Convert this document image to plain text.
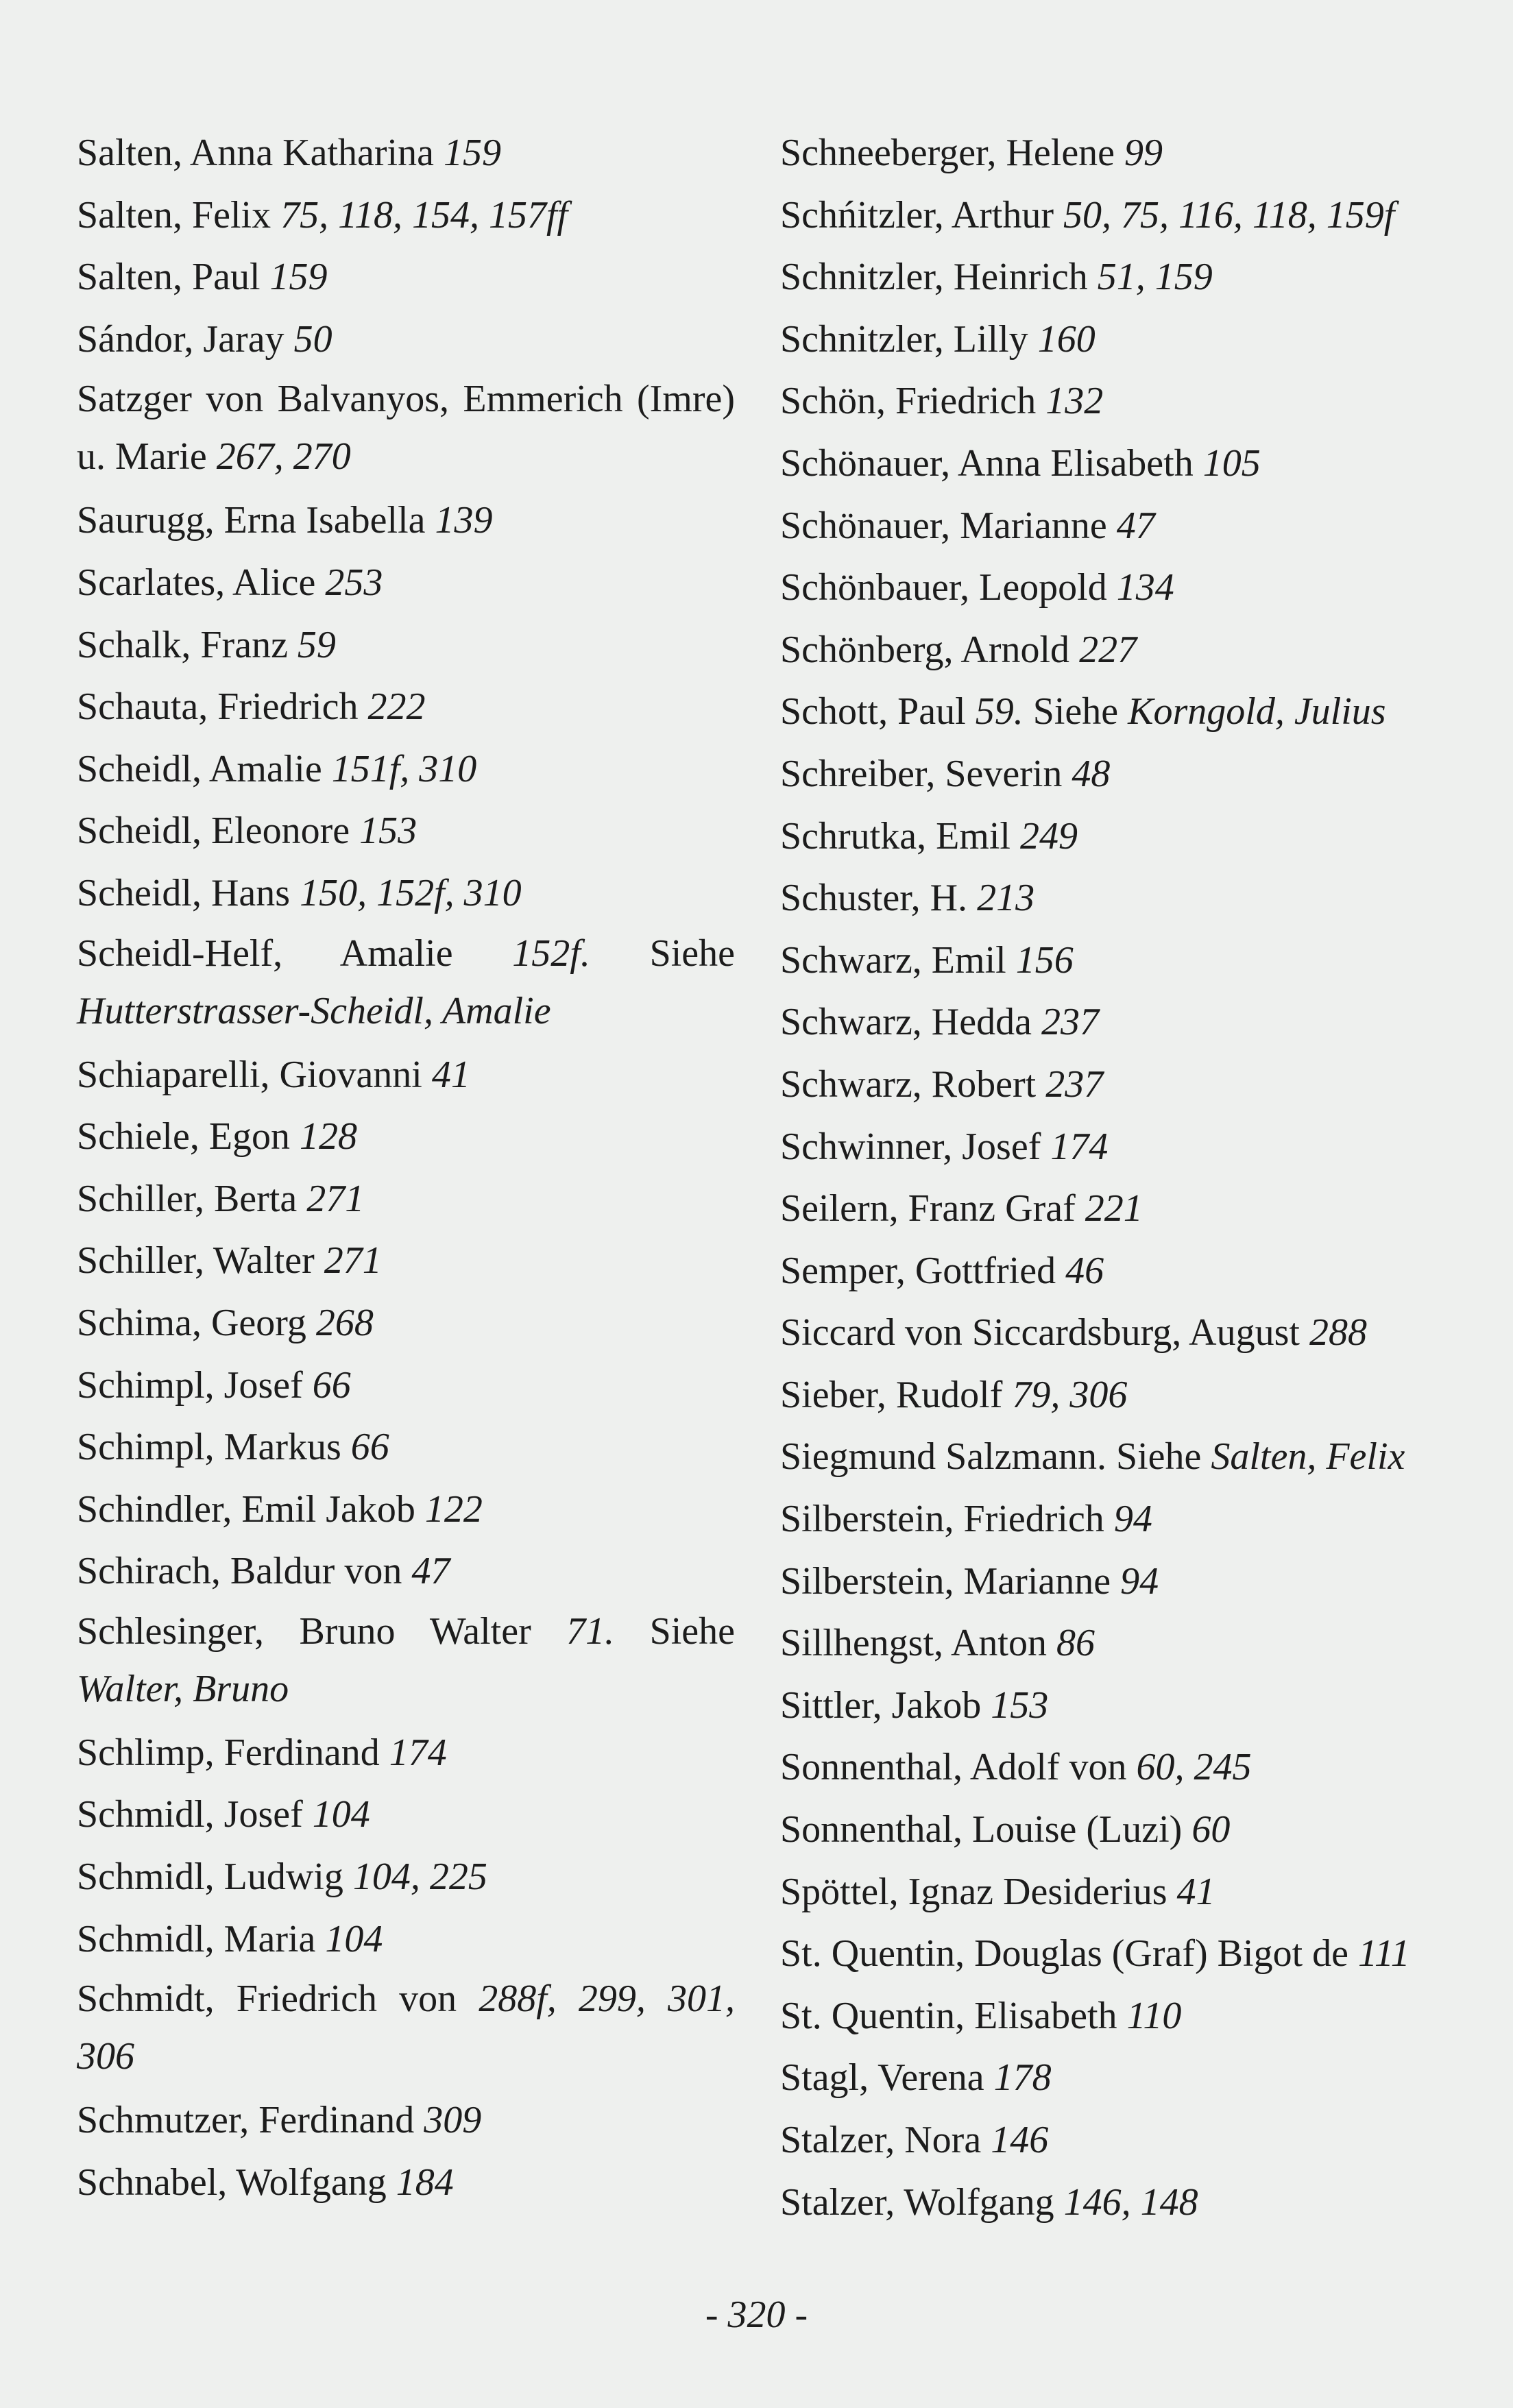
Salten, Anna Katharina 159

Salten, Felix 75, 118, 154, 157ff

Salten, Paul 159

Sándor, Jaray 50

Satzger von Balvanyos, Emmerich (Imre) u. Marie 267, 270

Saurugg, Erna Isabella 139

Scarlates, Alice 253

Schalk, Franz 59

Schauta, Friedrich 222

Scheidl, Amalie 151f, 310

Scheidl, Eleonore 153

Scheidl, Hans 150, 152f, 310

Scheidl-Helf, Amalie 152f. Siehe Hutterstrasser-Scheidl, Amalie

Schiaparelli, Giovanni 41

Schiele, Egon 128

Schiller, Berta 271

Schiller, Walter 271

Schima, Georg 268

Schimpl, Josef 66

Schimpl, Markus 66

Schindler, Emil Jakob 122

Schirach, Baldur von 47

Schlesinger, Bruno Walter 71. Siehe Walter, Bruno

Schlimp, Ferdinand 174

Schmidl, Josef 104

Schmidl, Ludwig 104, 225

Schmidl, Maria 104

Schmidt, Friedrich von 288f, 299, 301, 306

Schmutzer, Ferdinand 309

Schnabel, Wolfgang 184

Schneeberger, Helene 99

Schńitzler, Arthur 50, 75, 116, 118, 159f

Schnitzler, Heinrich 51, 159

Schnitzler, Lilly 160

Schön, Friedrich 132

Schönauer, Anna Elisabeth 105

Schönauer, Marianne 47

Schönbauer, Leopold 134

Schönberg, Arnold 227

Schott, Paul 59. Siehe Korngold, Julius

Schreiber, Severin 48

Schrutka, Emil 249

Schuster, H. 213

Schwarz, Emil 156

Schwarz, Hedda 237

Schwarz, Robert 237

Schwinner, Josef 174

Seilern, Franz Graf 221

Semper, Gottfried 46

Siccard von Siccardsburg, August 288

Sieber, Rudolf 79, 306

Siegmund Salzmann. Siehe Salten, Felix

Silberstein, Friedrich 94

Silberstein, Marianne 94

Sillhengst, Anton 86

Sittler, Jakob 153

Sonnenthal, Adolf von 60, 245

Sonnenthal, Louise (Luzi) 60

Spöttel, Ignaz Desiderius 41

St. Quentin, Douglas (Graf) Bigot de 111

St. Quentin, Elisabeth 110

Stagl, Verena 178

Stalzer, Nora 146

Stalzer, Wolfgang 146, 148

- 320 -
